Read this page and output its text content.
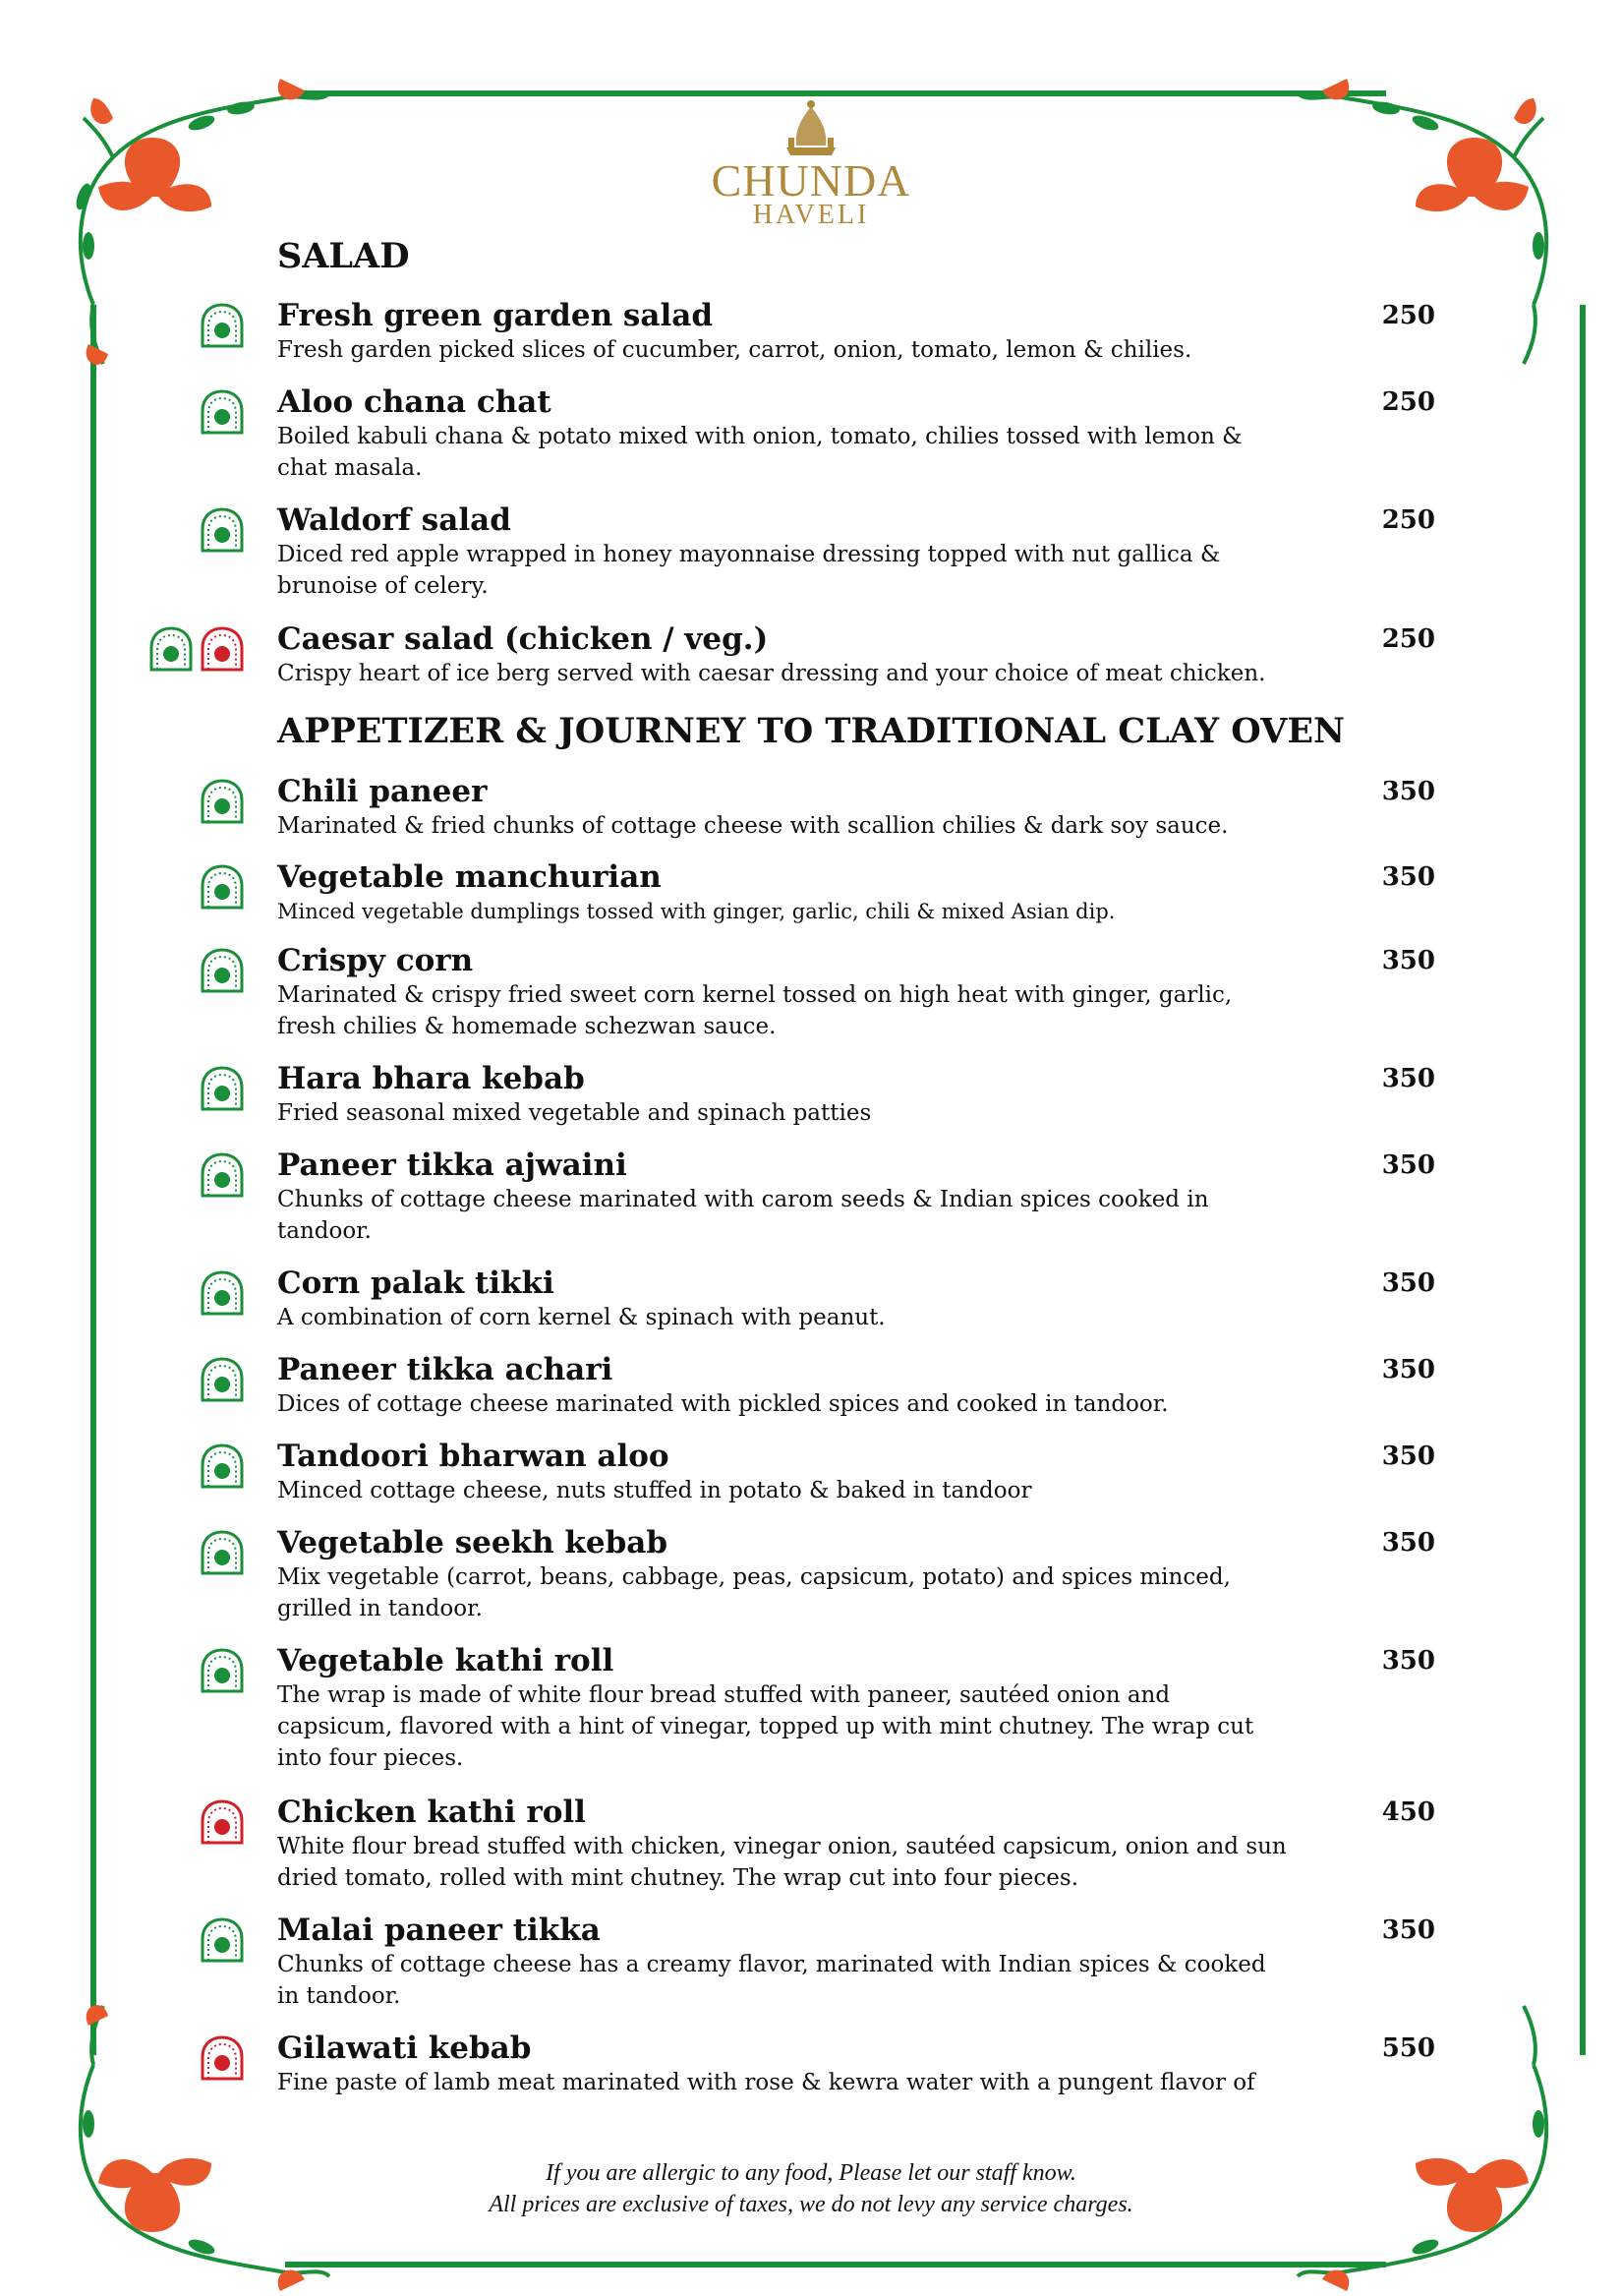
CHUNDA
HAVELI
SALAD
APPETIZER & JOURNEY TO TRADITIONAL CLAY OVEN
Fresh green garden salad
Fresh garden picked slices of cucumber, carrot, onion, tomato, lemon & chilies.
250
Aloo chana chat
Boiled kabuli chana & potato mixed with onion, tomato, chilies tossed with lemon & chat masala.
250
Waldorf salad
Diced red apple wrapped in honey mayonnaise dressing topped with nut gallica & brunoise of celery.
250
Caesar salad (chicken / veg.)
Crispy heart of ice berg served with caesar dressing and your choice of meat chicken.
250
Chili paneer
Marinated & fried chunks of cottage cheese with scallion chilies & dark soy sauce.
350
Vegetable manchurian
Minced vegetable dumplings tossed with ginger, garlic, chili & mixed Asian dip.
350
Crispy corn
Marinated & crispy fried sweet corn kernel tossed on high heat with ginger, garlic, fresh chilies & homemade schezwan sauce.
350
Hara bhara kebab
Fried seasonal mixed vegetable and spinach patties
350
Paneer tikka ajwaini
Chunks of cottage cheese marinated with carom seeds & Indian spices cooked in tandoor.
350
Corn palak tikki
A combination of corn kernel & spinach with peanut.
350
Paneer tikka achari
Dices of cottage cheese marinated with pickled spices and cooked in tandoor.
350
Tandoori bharwan aloo
Minced cottage cheese, nuts stuffed in potato & baked in tandoor
350
Vegetable seekh kebab
Mix vegetable (carrot, beans, cabbage, peas, capsicum, potato) and spices minced, grilled in tandoor.
350
Vegetable kathi roll
The wrap is made of white flour bread stuffed with paneer, sautéed onion and capsicum, flavored with a hint of vinegar, topped up with mint chutney. The wrap cut into four pieces.
350
Chicken kathi roll
White flour bread stuffed with chicken, vinegar onion, sautéed capsicum, onion and sun dried tomato, rolled with mint chutney. The wrap cut into four pieces.
450
Malai paneer tikka
Chunks of cottage cheese has a creamy flavor, marinated with Indian spices & cooked in tandoor.
350
Gilawati kebab
Fine paste of lamb meat marinated with rose & kewra water with a pungent flavor of
550
If you are allergic to any food, Please let our staff know.
All prices are exclusive of taxes, we do not levy any service charges.
